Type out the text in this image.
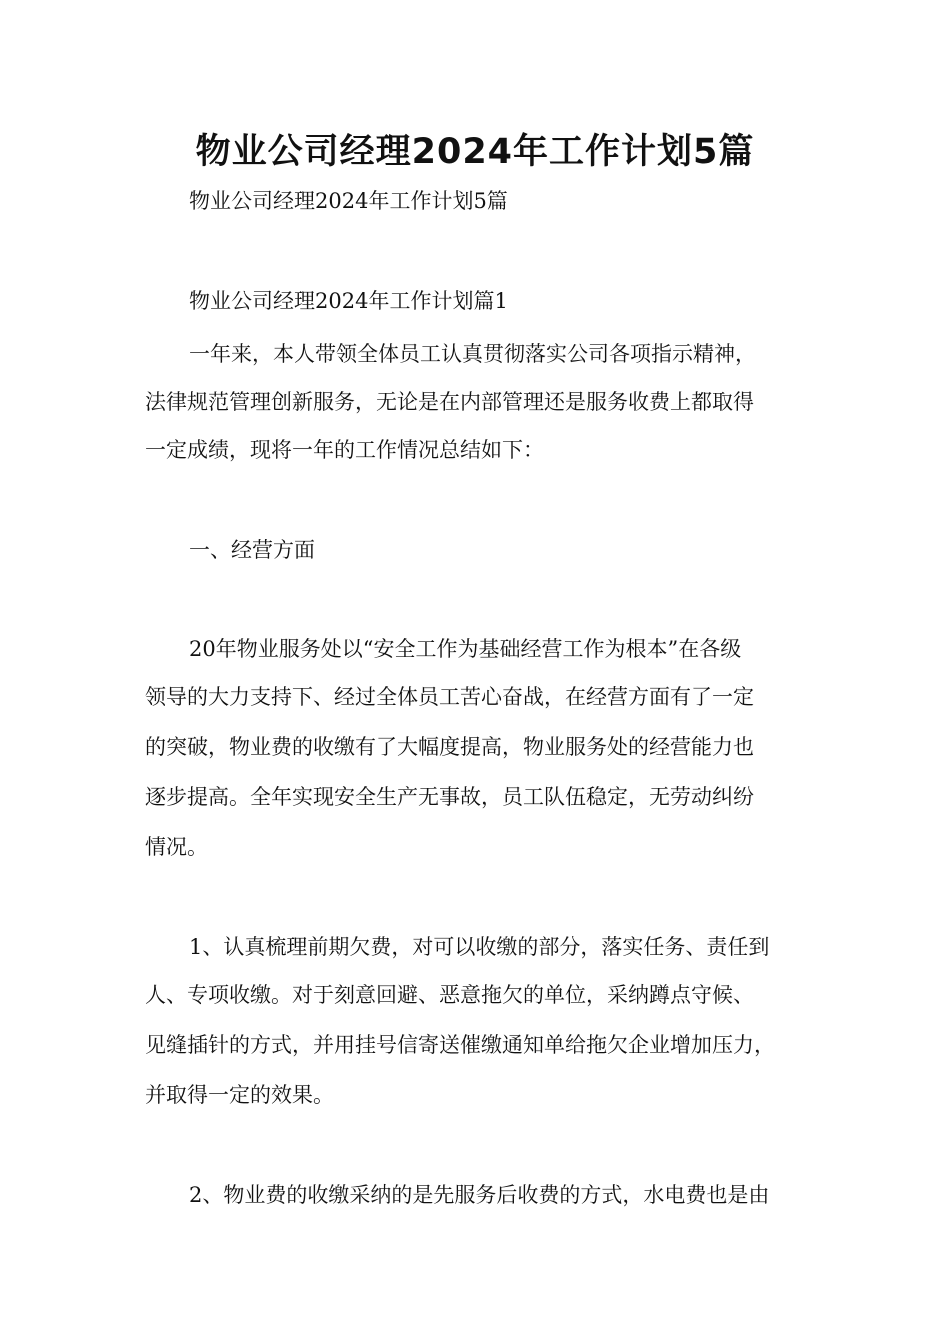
物业公司经理2024年工作计划5篇

物业公司经理2024年工作计划5篇

物业公司经理2024年工作计划篇1

一年来，本人带领全体员工认真贯彻落实公司各项指示精神，

法律规范管理创新服务，无论是在内部管理还是服务收费上都取得

一定成绩，现将一年的工作情况总结如下：

一、经营方面

20年物业服务处以“安全工作为基础经营工作为根本”在各级

领导的大力支持下、经过全体员工苦心奋战，在经营方面有了一定

的突破，物业费的收缴有了大幅度提高，物业服务处的经营能力也

逐步提高。全年实现安全生产无事故，员工队伍稳定，无劳动纠纷

情况。

1、认真梳理前期欠费，对可以收缴的部分，落实任务、责任到

人、专项收缴。对于刻意回避、恶意拖欠的单位，采纳蹲点守候、

见缝插针的方式，并用挂号信寄送催缴通知单给拖欠企业增加压力，

并取得一定的效果。

2、物业费的收缴采纳的是先服务后收费的方式，水电费也是由
